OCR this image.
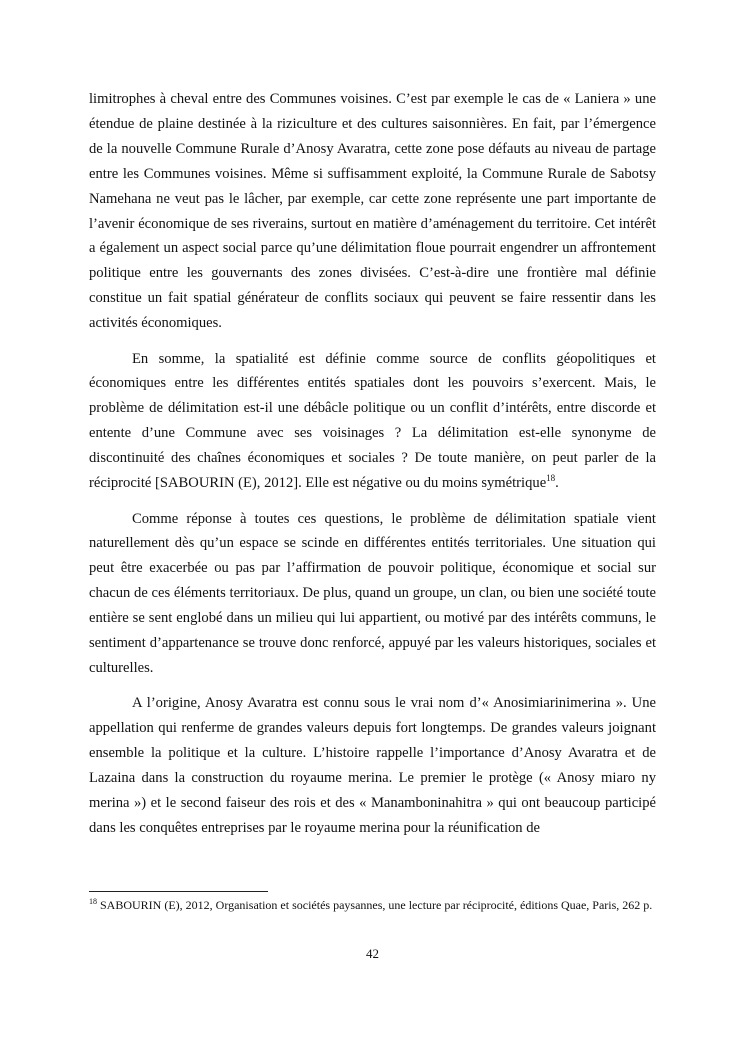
limitrophes à cheval entre des Communes voisines. C’est par exemple le cas de « Laniera » une étendue de plaine destinée à la riziculture et des cultures saisonnières. En fait, par l’émergence de la nouvelle Commune Rurale d’Anosy Avaratra, cette zone pose défauts au niveau de partage entre les Communes voisines. Même si suffisamment exploité, la Commune Rurale de Sabotsy Namehana ne veut pas le lâcher, par exemple, car cette zone représente une part importante de l’avenir économique de ses riverains, surtout en matière d’aménagement du territoire. Cet intérêt a également un aspect social parce qu’une délimitation floue pourrait engendrer un affrontement politique entre les gouvernants des zones divisées. C’est-à-dire une frontière mal définie constitue un fait spatial générateur de conflits sociaux qui peuvent se faire ressentir dans les activités économiques.

En somme, la spatialité est définie comme source de conflits géopolitiques et économiques entre les différentes entités spatiales dont les pouvoirs s’exercent. Mais, le problème de délimitation est-il une débâcle politique ou un conflit d’intérêts, entre discorde et entente d’une Commune avec ses voisinages ? La délimitation est-elle synonyme de discontinuité des chaînes économiques et sociales ? De toute manière, on peut parler de la réciprocité [SABOURIN (E), 2012]. Elle est négative ou du moins symétrique$^{18}$.

Comme réponse à toutes ces questions, le problème de délimitation spatiale vient naturellement dès qu’un espace se scinde en différentes entités territoriales. Une situation qui peut être exacerbée ou pas par l’affirmation de pouvoir politique, économique et social sur chacun de ces éléments territoriaux. De plus, quand un groupe, un clan, ou bien une société toute entière se sent englobé dans un milieu qui lui appartient, ou motivé par des intérêts communs, le sentiment d’appartenance se trouve donc renforcé, appuyé par les valeurs historiques, sociales et culturelles.

A l’origine, Anosy Avaratra est connu sous le vrai nom d’« Anosimiarinimerina ». Une appellation qui renferme de grandes valeurs depuis fort longtemps. De grandes valeurs joignant ensemble la politique et la culture. L’histoire rappelle l’importance d’Anosy Avaratra et de Lazaina dans la construction du royaume merina. Le premier le protège (« Anosy miaro ny merina ») et le second faiseur des rois et des « Manamboninahitra » qui ont beaucoup participé dans les conquêtes entreprises par le royaume merina pour la réunification de

$^{18}$ SABOURIN (E), 2012, Organisation et sociétés paysannes, une lecture par réciprocité, éditions Quae, Paris, 262 p.
42
